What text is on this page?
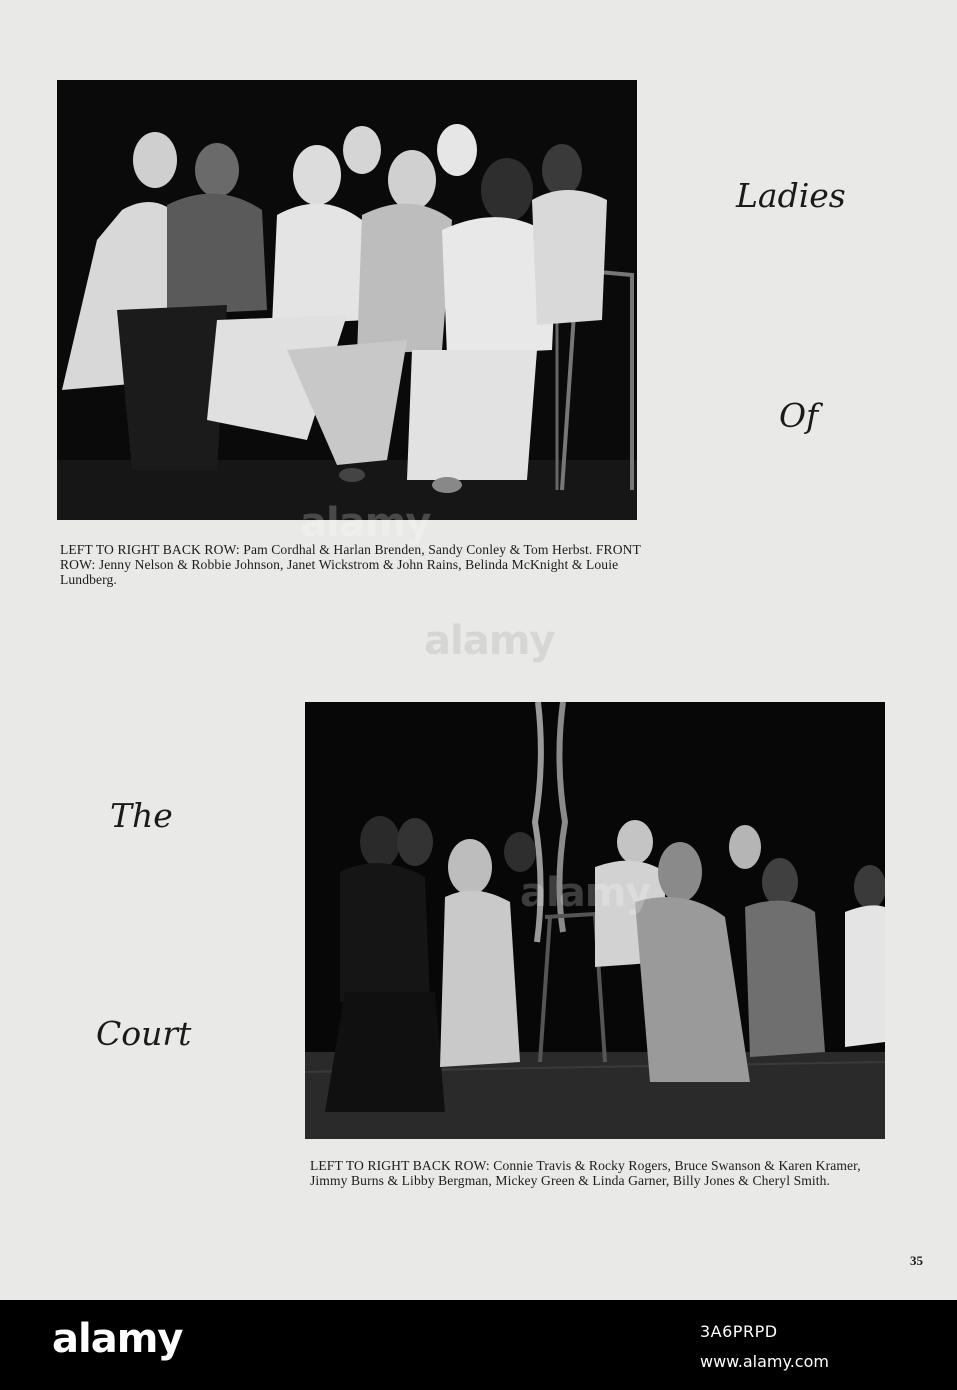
LEFT TO RIGHT BACK ROW: Pam Cordhal & Harlan Brenden, Sandy Conley & Tom Herbst. FRONT ROW: Jenny Nelson & Robbie Johnson, Janet Wickstrom & John Rains, Belinda McKnight & Louie Lundberg.
LEFT TO RIGHT BACK ROW: Connie Travis & Rocky Rogers, Bruce Swanson & Karen Kramer, Jimmy Burns & Libby Bergman, Mickey Green & Linda Garner, Billy Jones & Cheryl Smith.
Ladies
Of
The
Court
35
alamy
alamy
alamy
alamy	3A6PRPD
www.alamy.com
